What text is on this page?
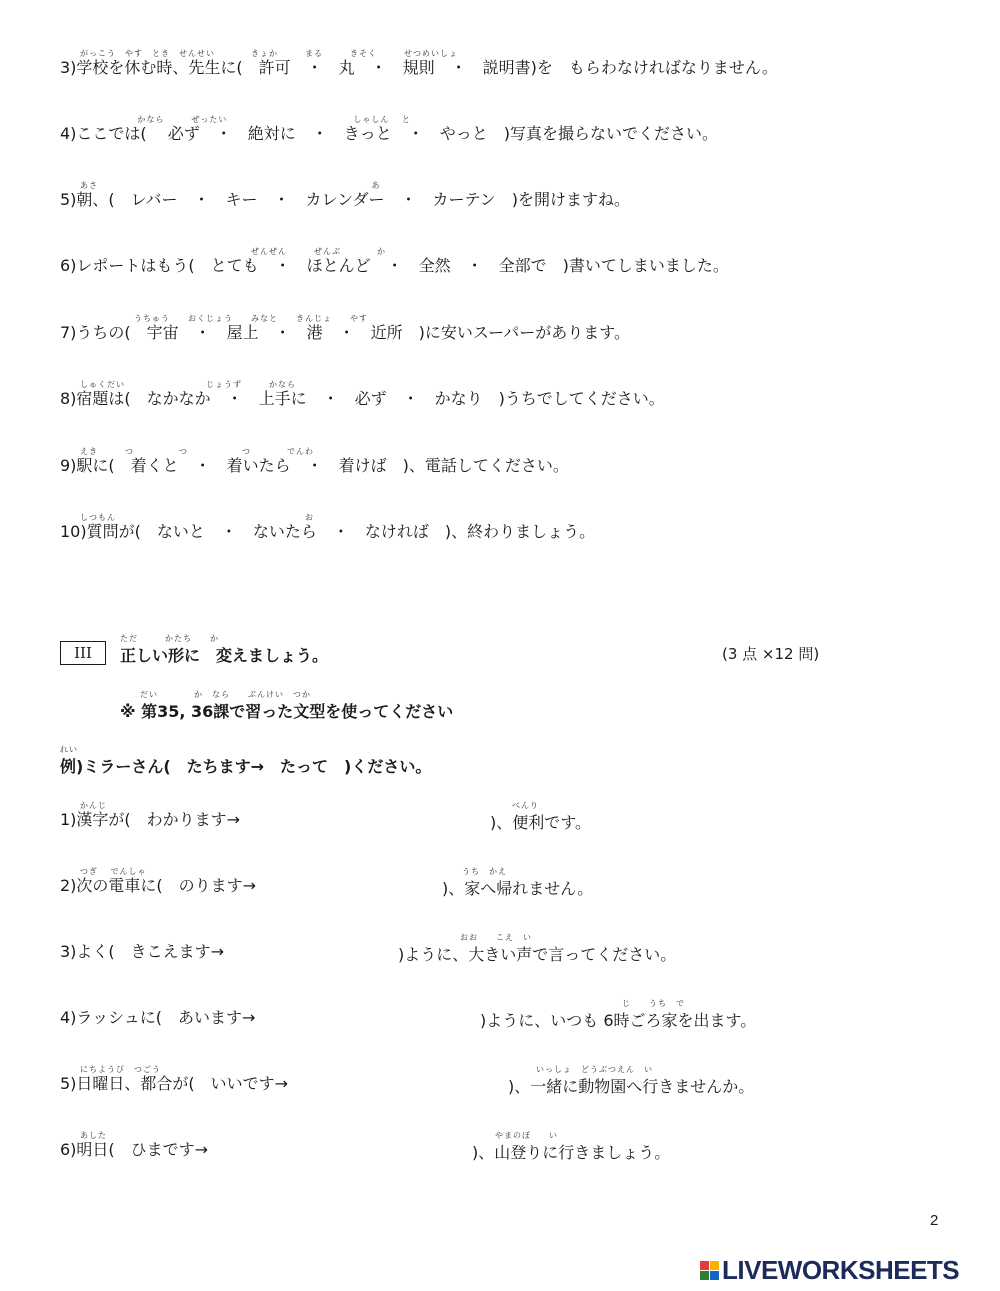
がっこう　やす　とき　せんせい　　　　きょか　　　まる　　　きそく　　　せつめいしょ
3)学校を休む時、先生に(　許可　・　丸　・　規則　・　説明書)を　もらわなければなりません。
　　　　　　 かなら　　　ぜったい　　　　　　　　　　　　　　しゃしん　 と
4)ここでは(　 必ず　・　絶対に　・　きっと　・　やっと　)写真を撮らないでください。
あさ　　　　　　　　　　　　　　　　　　　　　　　　　　　　　　 あ
5)朝、(　レバー　・　キー　・　カレンダー　・　カーテン　)を開けますね。
　　　　　　　　　　　　　　　　　　　ぜんぜん　　　ぜんぶ　　　　か
6)レポートはもう(　とても　・　ほとんど　・　全然　・　全部で　)書いてしまいました。
　　　　　　うちゅう　　おくじょう　　みなと　　きんじょ　　やす
7)うちの(　宇宙　・　屋上　・　港　・　近所　)に安いスーパーがあります。
しゅくだい　　　　　　　　　じょうず　　　かなら
8)宿題は(　なかなか　・　上手に　・　必ず　・　かなり　)うちでしてください。
えき　　　つ　　　　　つ　　　　　　つ　　　　でんわ
9)駅に(　着くと　・　着いたら　・　着けば　)、電話してください。
しつもん　　　　　　　　　　　　　　　　　　　　　お
10)質問が(　ないと　・　ないたら　・　なければ　)、終わりましょう。
III
ただ　　　かたち　　か
正しい形に　変えましょう。	(3 点 ×12 問)
だい　　　　か　なら　　ぶんけい　つか
※ 第35, 36課で習った文型を使ってください
れい
例)ミラーさん(　たちます→　たって　)ください。
かんじ
1)漢字が(　わかります→
べんり
)、便利です。
つぎ　 でんしゃ
2)次の電車に(　のります→
うち　かえ
)、家へ帰れません。
3)よく(　きこえます→
おお　　こえ　い
)ように、大きい声で言ってください。
4)ラッシュに(　あいます→
じ　　うち　で
)ように、いつも 6時ごろ家を出ます。
にちようび　つごう
5)日曜日、都合が(　いいです→
いっしょ　どうぶつえん　い
)、一緒に動物園へ行きませんか。
あした
6)明日(　ひまです→
やまのぼ　　い
)、山登りに行きましょう。
2
LIVEWORKSHEETS
